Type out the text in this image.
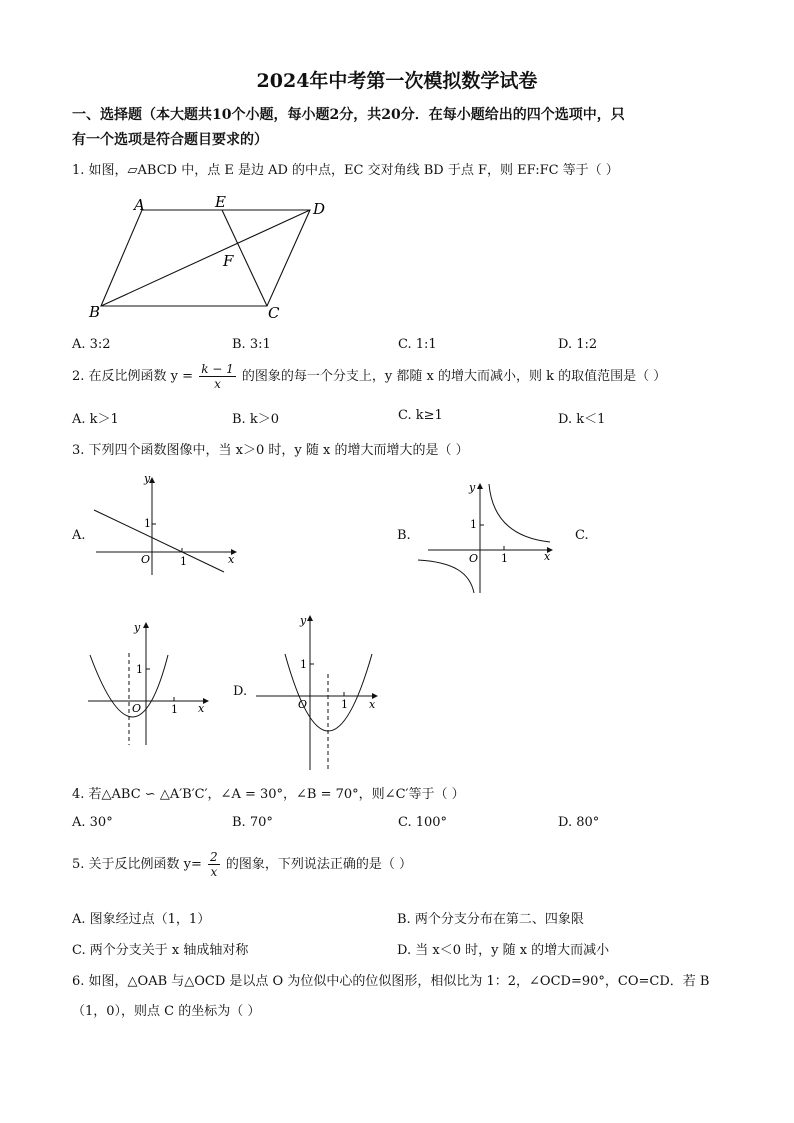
2024年中考第一次模拟数学试卷
一、选择题（本大题共10个小题，每小题2分，共20分．在每小题给出的四个选项中，只
有一个选项是符合题目要求的）
1. 如图，▱ABCD 中，点 E 是边 AD 的中点，EC 交对角线 BD 于点 F，则 EF:FC 等于（ ）
A	E	D
F
B	C
A. 3:2	B. 3:1	C. 1:1	D. 1:2
2. 在反比例函数 $y = \frac{k - 1}{x}$ 的图象的每一个分支上，y 都随 x 的增大而减小，则 k 的取值范围是（ ）
A. k＞1	B. k＞0	C. k≥1	D. k＜1
3. 下列四个函数图像中，当 x＞0 时，y 随 x 的增大而增大的是（ ）
A.
y
x
O
1
1
B.
y
x
O
1
1
C.
y
x
O
1
1
D.
y
x
O
1
1
4. 若△ABC ∽ △A′B′C′，∠A = 30°，∠B = 70°，则∠C′等于（ ）
A. 30°	B. 70°	C. 100°	D. 80°
5. 关于反比例函数 $y= \frac{2}{x}$ 的图象，下列说法正确的是（ ）
A. 图象经过点（1，1）	B. 两个分支分布在第二、四象限
C. 两个分支关于 x 轴成轴对称	D. 当 x＜0 时，y 随 x 的增大而减小
6. 如图，△OAB 与△OCD 是以点 O 为位似中心的位似图形，相似比为 1：2，∠OCD=90°，CO=CD．若 B
（1，0），则点 C 的坐标为（ ）
